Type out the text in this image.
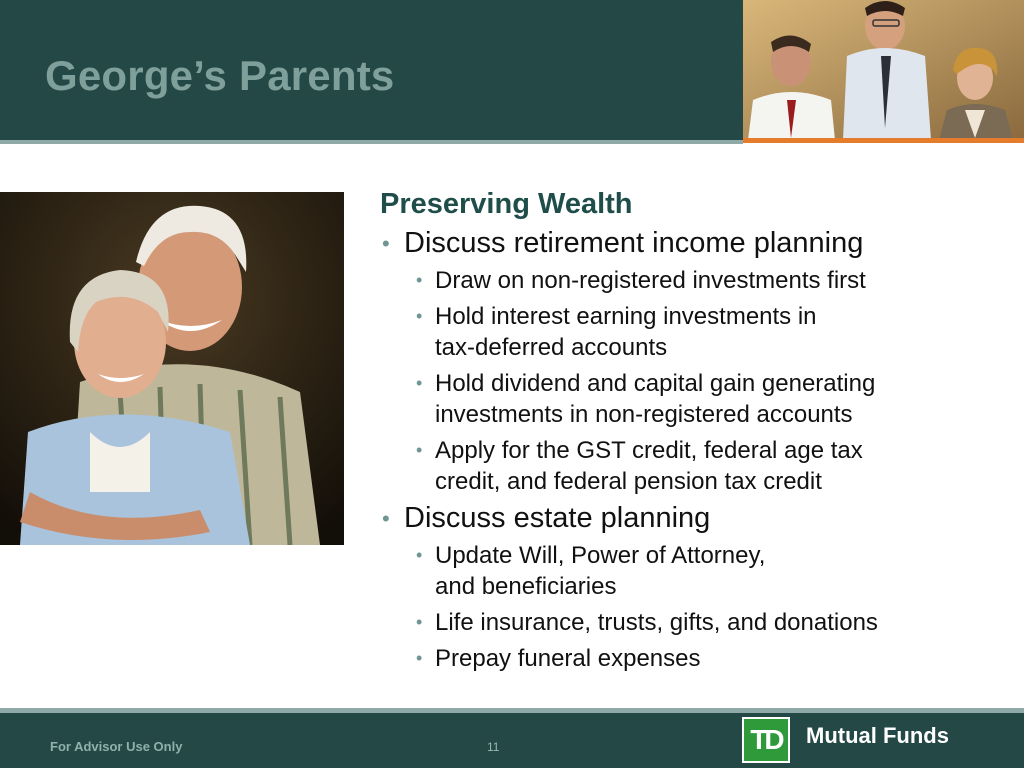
George’s Parents
Preserving Wealth
• Discuss retirement income planning
• Draw on non-registered investments first
• Hold interest earning investments in
tax-deferred accounts
• Hold dividend and capital gain generating
investments in non-registered accounts
• Apply for the GST credit, federal age tax
credit, and federal pension tax credit
• Discuss estate planning
• Update Will, Power of Attorney,
and beneficiaries
• Life insurance, trusts, gifts, and donations
• Prepay funeral expenses
For Advisor Use Only	11	TD	Mutual Funds
